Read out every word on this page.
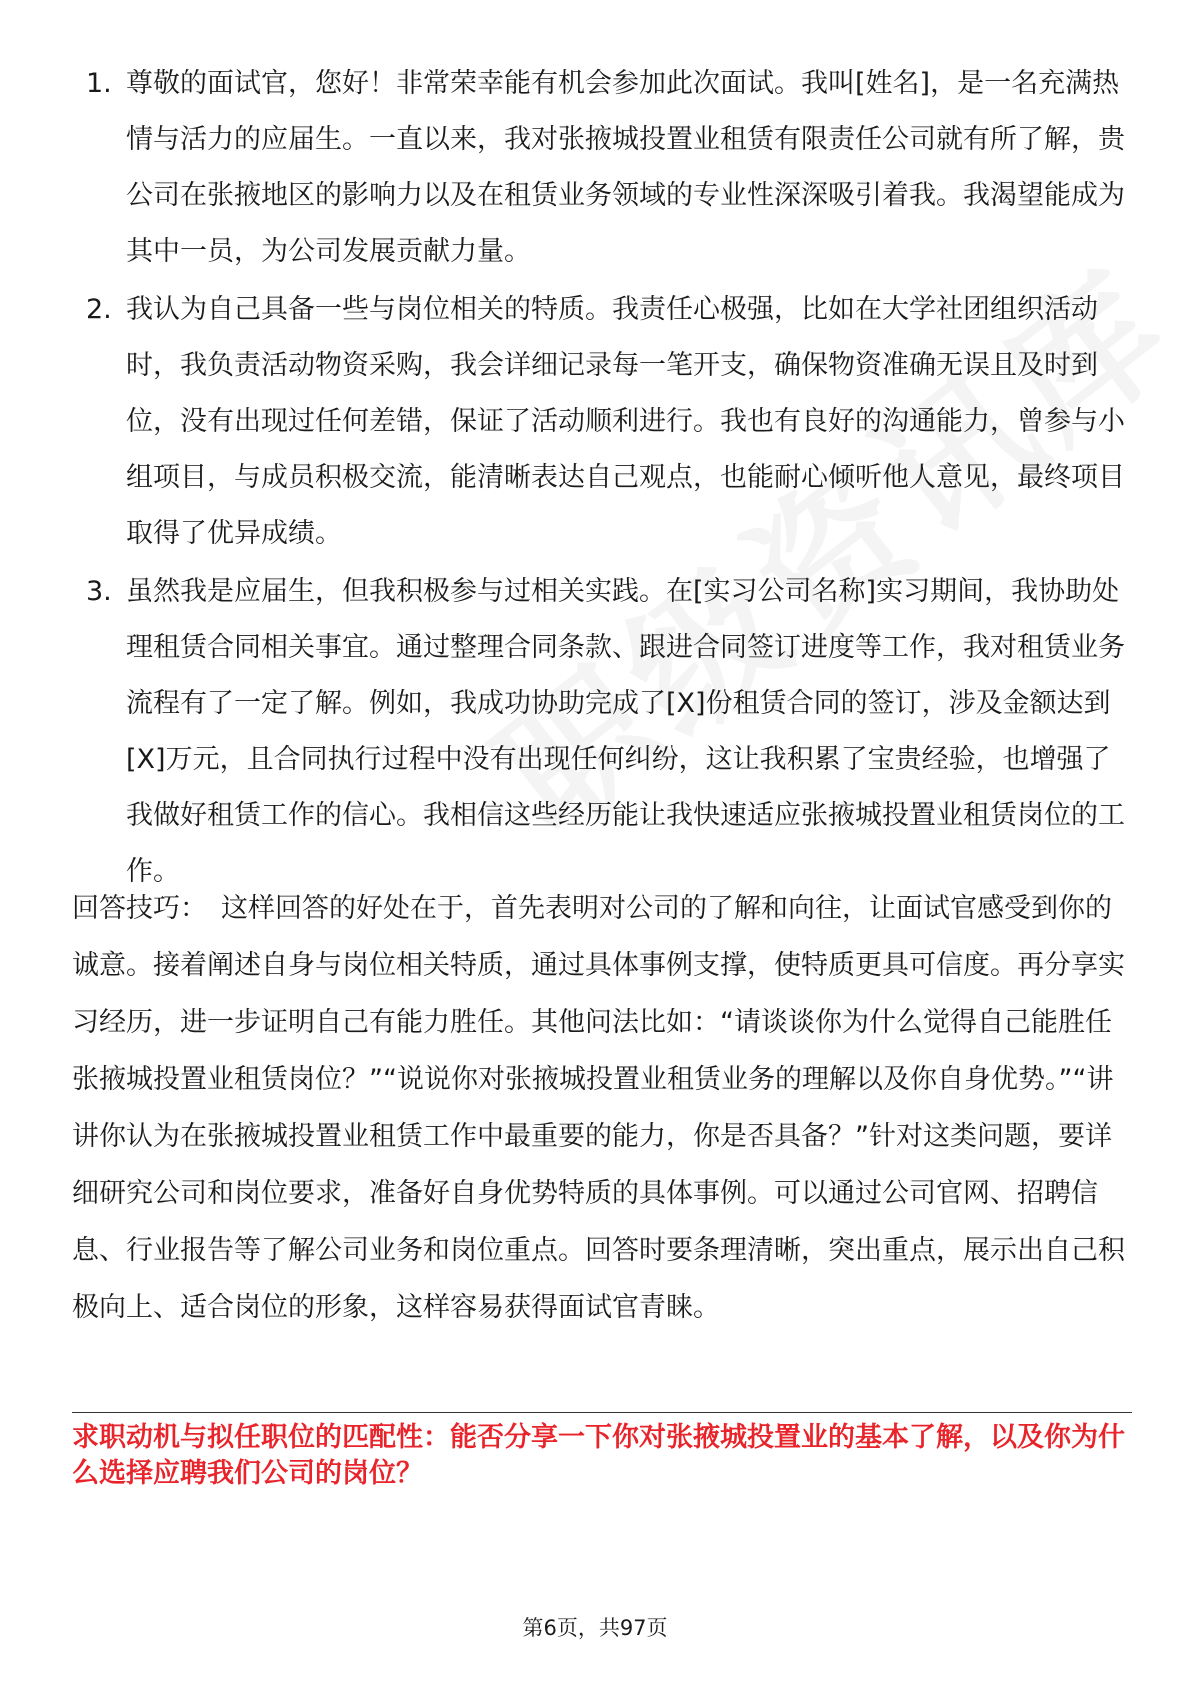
1. 尊敬的面试官，您好！非常荣幸能有机会参加此次面试。我叫[姓名]，是一名充满热情与活力的应届生。一直以来，我对张掖城投置业租赁有限责任公司就有所了解，贵公司在张掖地区的影响力以及在租赁业务领域的专业性深深吸引着我。我渴望能成为其中一员，为公司发展贡献力量。
2. 我认为自己具备一些与岗位相关的特质。我责任心极强，比如在大学社团组织活动时，我负责活动物资采购，我会详细记录每一笔开支，确保物资准确无误且及时到位，没有出现过任何差错，保证了活动顺利进行。我也有良好的沟通能力，曾参与小组项目，与成员积极交流，能清晰表达自己观点，也能耐心倾听他人意见，最终项目取得了优异成绩。
3. 虽然我是应届生，但我积极参与过相关实践。在[实习公司名称]实习期间，我协助处理租赁合同相关事宜。通过整理合同条款、跟进合同签订进度等工作，我对租赁业务流程有了一定了解。例如，我成功协助完成了[X]份租赁合同的签订，涉及金额达到[X]万元，且合同执行过程中没有出现任何纠纷，这让我积累了宝贵经验，也增强了我做好租赁工作的信心。我相信这些经历能让我快速适应张掖城投置业租赁岗位的工作。

回答技巧： 这样回答的好处在于，首先表明对公司的了解和向往，让面试官感受到你的诚意。接着阐述自身与岗位相关特质，通过具体事例支撑，使特质更具可信度。再分享实习经历，进一步证明自己有能力胜任。其他问法比如：“请谈谈你为什么觉得自己能胜任张掖城投置业租赁岗位？”“说说你对张掖城投置业租赁业务的理解以及你自身优势。”“讲讲你认为在张掖城投置业租赁工作中最重要的能力，你是否具备？”针对这类问题，要详细研究公司和岗位要求，准备好自身优势特质的具体事例。可以通过公司官网、招聘信息、行业报告等了解公司业务和岗位重点。回答时要条理清晰，突出重点，展示出自己积极向上、适合岗位的形象，这样容易获得面试官青睐。

求职动机与拟任职位的匹配性：能否分享一下你对张掖城投置业的基本了解，以及你为什么选择应聘我们公司的岗位？

第6页，共97页
